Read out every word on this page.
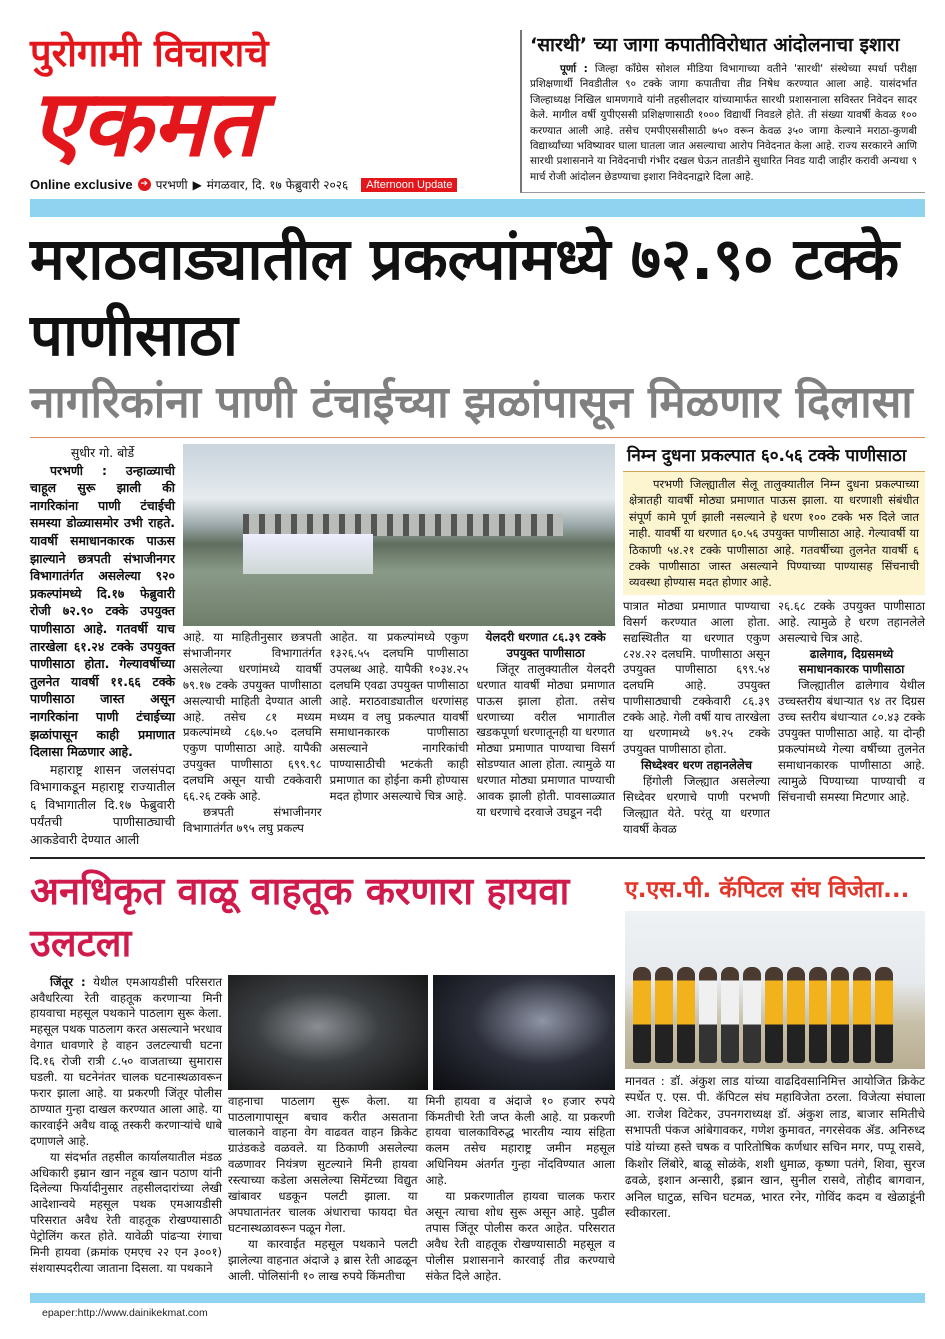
पुरोगामी विचाराचे
एकमत
Online exclusive ➔ परभणी ▶ मंगळवार, दि. १७ फेब्रुवारी २०२६	Afternoon Update
‘सारथी’ च्या जागा कपातीविरोधात आंदोलनाचा इशारा

पूर्णा : जिल्हा काँग्रेस सोशल मीडिया विभागाच्या वतीने 'सारथी' संस्थेच्या स्पर्धा परीक्षा प्रशिक्षणार्थी निवडीतील ९० टक्के जागा कपातीचा तीव्र निषेध करण्यात आला आहे. यासंदर्भात जिल्हाध्यक्ष निखिल धामणगावे यांनी तहसीलदार यांच्यामार्फत सारथी प्रशासनाला सविस्तर निवेदन सादर केले. मागील वर्षी युपीएससी प्रशिक्षणासाठी १००० विद्यार्थी निवडले होते. ती संख्या यावर्षी केवळ १०० करण्यात आली आहे. तसेच एमपीएससीसाठी ७५० वरून केवळ ३५० जागा केल्याने मराठा-कुणबी विद्यार्थ्यांच्या भविष्यावर घाला घातला जात असल्याचा आरोप निवेदनात केला आहे. राज्य सरकारने आणि सारथी प्रशासनाने या निवेदनाची गंभीर दखल घेऊन तातडीने सुधारित निवड यादी जाहीर करावी अन्यथा ९ मार्च रोजी आंदोलन छेडण्याचा इशारा निवेदनाद्वारे दिला आहे.

मराठवाड्यातील प्रकल्पांमध्ये ७२.९० टक्के पाणीसाठा
नागरिकांना पाणी टंचाईच्या झळांपासून मिळणार दिलासा
सुधीर गो. बोर्डे

परभणी : उन्हाळ्याची चाहूल सुरू झाली की नागरिकांना पाणी टंचाईची समस्या डोळ्यासमोर उभी राहते. यावर्षी समाधानकारक पाऊस झाल्याने छत्रपती संभाजीनगर विभागातंर्गत असलेल्या ९२० प्रकल्पांमध्ये दि.१७ फेब्रुवारी रोजी ७२.९० टक्के उपयुक्त पाणीसाठा आहे. गतवर्षी याच तारखेला ६१.२४ टक्के उपयुक्त पाणीसाठा होता. गेल्यावर्षीच्या तुलनेत यावर्षी ११.६६ टक्के पाणीसाठा जास्त असून नागरिकांना पाणी टंचाईच्या झळांपासून काही प्रमाणात दिलासा मिळणार आहे.

महाराष्ट्र शासन जलसंपदा विभागाकडून महाराष्ट्र राज्यातील ६ विभागातील दि.१७ फेब्रुवारी पर्यंतची पाणीसाठ्याची आकडेवारी देण्यात आली

आहे. या माहितीनुसार छत्रपती संभाजीनगर विभागातंर्गत असलेल्या धरणांमध्ये यावर्षी ७९.१७ टक्के उपयुक्त पाणीसाठा असल्याची माहिती देण्यात आली आहे. तसेच ८१ मध्यम प्रकल्पांमध्ये ८६७.५० दलघमि एकुण पाणीसाठा आहे. यापैकी उपयुक्त पाणीसाठा ६९९.९८ दलघमि असून याची टक्केवारी ६६.२६ टक्के आहे.

छत्रपती संभाजीनगर विभागातंर्गत ७९५ लघु प्रकल्प

आहेत. या प्रकल्पांमध्ये एकुण १३२६.५५ दलघमि पाणीसाठा उपलब्ध आहे. यापैकी १०३४.२५ दलघमि एवढा उपयुक्त पाणीसाठा आहे. मराठवाड्यातील धरणांसह मध्यम व लघु प्रकल्पात यावर्षी समाधानकारक पाणीसाठा असल्याने नागरिकांची पाण्यासाठीची भटकंती काही प्रमाणात का होईना कमी होण्यास मदत होणार असल्याचे चित्र आहे.

येलदरी धरणात ८६.३९ टक्के उपयुक्त पाणीसाठा

जिंतूर तालुक्यातील येलदरी धरणात यावर्षी मोठ्या प्रमाणात पाऊस झाला होता. तसेच धरणाच्या वरील भागातील खडकपूर्णा धरणातूनही या धरणात मोठ्या प्रमाणात पाण्याचा विसर्ग सोडण्यात आला होता. त्यामुळे या धरणात मोठ्या प्रमाणात पाण्याची आवक झाली होती. पावसाळ्यात या धरणाचे दरवाजे उघडून नदी

निम्न दुधना प्रकल्पात ६०.५६ टक्के पाणीसाठा

परभणी जिल्ह्यातील सेलू तालुक्यातील निम्न दुधना प्रकल्पाच्या क्षेत्रातही यावर्षी मोठ्या प्रमाणात पाऊस झाला. या धरणाशी संबंधीत संपूर्ण कामे पूर्ण झाली नसल्याने हे धरण १०० टक्के भरु दिले जात नाही. यावर्षी या धरणात ६०.५६ उपयुक्त पाणीसाठा आहे. गेल्यावर्षी या ठिकाणी ५४.२१ टक्के पाणीसाठा आहे. गतवर्षीच्या तुलनेत यावर्षी ६ टक्के पाणीसाठा जास्त असल्याने पिण्याच्या पाण्यासह सिंचनाची व्यवस्था होण्यास मदत होणार आहे.

पात्रात मोठ्या प्रमाणात पाण्याचा विसर्ग करण्यात आला होता. सद्यस्थितीत या धरणात एकुण ८२४.२२ दलघमि. पाणीसाठा असून उपयुक्त पाणीसाठा ६९९.५४ दलघमि आहे. उपयुक्त पाणीसाठ्याची टक्केवारी ८६.३९ टक्के आहे. गेली वर्षी याच तारखेला या धरणामध्ये ७९.२५ टक्के उपयुक्त पाणीसाठा होता.

सिध्देश्वर धरण तहानलेलेच

हिंगोली जिल्ह्यात असलेल्या सिध्देवर धरणाचे पाणी परभणी जिल्ह्यात येते. परंतू या धरणात यावर्षी केवळ

२६.६८ टक्के उपयुक्त पाणीसाठा आहे. त्यामुळे हे धरण तहानलेले असल्याचे चित्र आहे.

ढालेगाव, दिग्रसमध्ये समाधानकारक पाणीसाठा

जिल्ह्यातील ढालेगाव येथील उच्चस्तरीय बंधाऱ्यात ९४ तर दिग्रस उच्च स्तरीय बंधाऱ्यात ८०.४३ टक्के उपयुक्त पाणीसाठा आहे. या दोन्ही प्रकल्पांमध्ये गेल्या वर्षीच्या तुलनेत समाधानकारक पाणीसाठा आहे. त्यामुळे पिण्याच्या पाण्याची व सिंचनाची समस्या मिटणार आहे.

अनधिकृत वाळू वाहतूक करणारा हायवा उलटला

जिंतूर : येथील एमआयडीसी परिसरात अवैधरित्या रेती वाहतूक करणाऱ्या मिनी हायवाचा महसूल पथकाने पाठलाग सुरू केला. महसूल पथक पाठलाग करत असल्याने भरधाव वेगात धावणारे हे वाहन उलटल्याची घटना दि.१६ रोजी रात्री ८.५० वाजताच्या सुमारास घडली. या घटनेनंतर चालक घटनास्थळावरून फरार झाला आहे. या प्रकरणी जिंतूर पोलीस ठाण्यात गुन्हा दाखल करण्यात आला आहे. या कारवाईने अवैध वाळू तस्करी करणाऱ्यांचे धाबे दणाणले आहे.

या संदर्भात तहसील कार्यालयातील मंडळ अधिकारी इम्रान खान नहूब खान पठाण यांनी दिलेल्या फिर्यादीनुसार तहसीलदारांच्या लेखी आदेशान्वये महसूल पथक एमआयडीसी परिसरात अवैध रेती वाहतूक रोखण्यासाठी पेट्रोलिंग करत होते. यावेळी पांढऱ्या रंगाचा मिनी हायवा (क्रमांक एमएच २२ एन ३००१) संशयास्पदरीत्या जाताना दिसला. या पथकाने

वाहनाचा पाठलाग सुरू केला. या पाठलागापासून बचाव करीत असताना चालकाने वाहना वेग वाढवत वाहन क्रिकेट ग्राउंडकडे वळवले. या ठिकाणी असलेल्या वळणावर नियंत्रण सुटल्याने मिनी हायवा रस्त्याच्या कडेला असलेल्या सिमेंटच्या विद्युत खांबावर धडकून पलटी झाला. या अपघातानंतर चालक अंधाराचा फायदा घेत घटनास्थळावरून पळून गेला.

या कारवाईत महसूल पथकाने पलटी झालेल्या वाहनात अंदाजे ३ ब्रास रेती आढळून आली. पोलिसांनी १० लाख रुपये किंमतीचा

मिनी हायवा व अंदाजे १० हजार रुपये किंमतीची रेती जप्त केली आहे. या प्रकरणी हायवा चालकाविरुद्ध भारतीय न्याय संहिता कलम तसेच महाराष्ट्र जमीन महसूल अधिनियम अंतर्गत गुन्हा नोंदविण्यात आला आहे.

या प्रकरणातील हायवा चालक फरार असून त्याचा शोध सुरू असून आहे. पुढील तपास जिंतूर पोलीस करत आहेत. परिसरात अवैध रेती वाहतूक रोखण्यासाठी महसूल व पोलीस प्रशासनाने कारवाई तीव्र करण्याचे संकेत दिले आहेत.

ए.एस.पी. कॅपिटल संघ विजेता...
मानवत : डॉ. अंकुश लाड यांच्या वाढदिवसानिमित्त आयोजित क्रिकेट स्पर्धेत ए. एस. पी. कॅपिटल संघ महाविजेता ठरला. विजेत्या संघाला आ. राजेश विटेकर, उपनगराध्यक्ष डॉ. अंकुश लाड, बाजार समितीचे सभापती पंकज आंबेगावकर, गणेश कुमावत, नगरसेवक ॲड. अनिरुध्द पांडे यांच्या हस्ते चषक व पारितोषिक कर्णधार सचिन मगर, पप्पू रासवे, किशोर लिंबोरे, बाळू सोळंके, शशी धुमाळ, कृष्णा पतंगे, शिवा, सुरज ढवळे, इशान अन्सारी, इब्रान खान, सुनील रासवे, तोहीद बागवान, अनिल घाटुळ, सचिन घटमळ, भारत रनेर, गोविंद कदम व खेळाडूंनी स्वीकारला.
epaper:http://www.dainikekmat.com
